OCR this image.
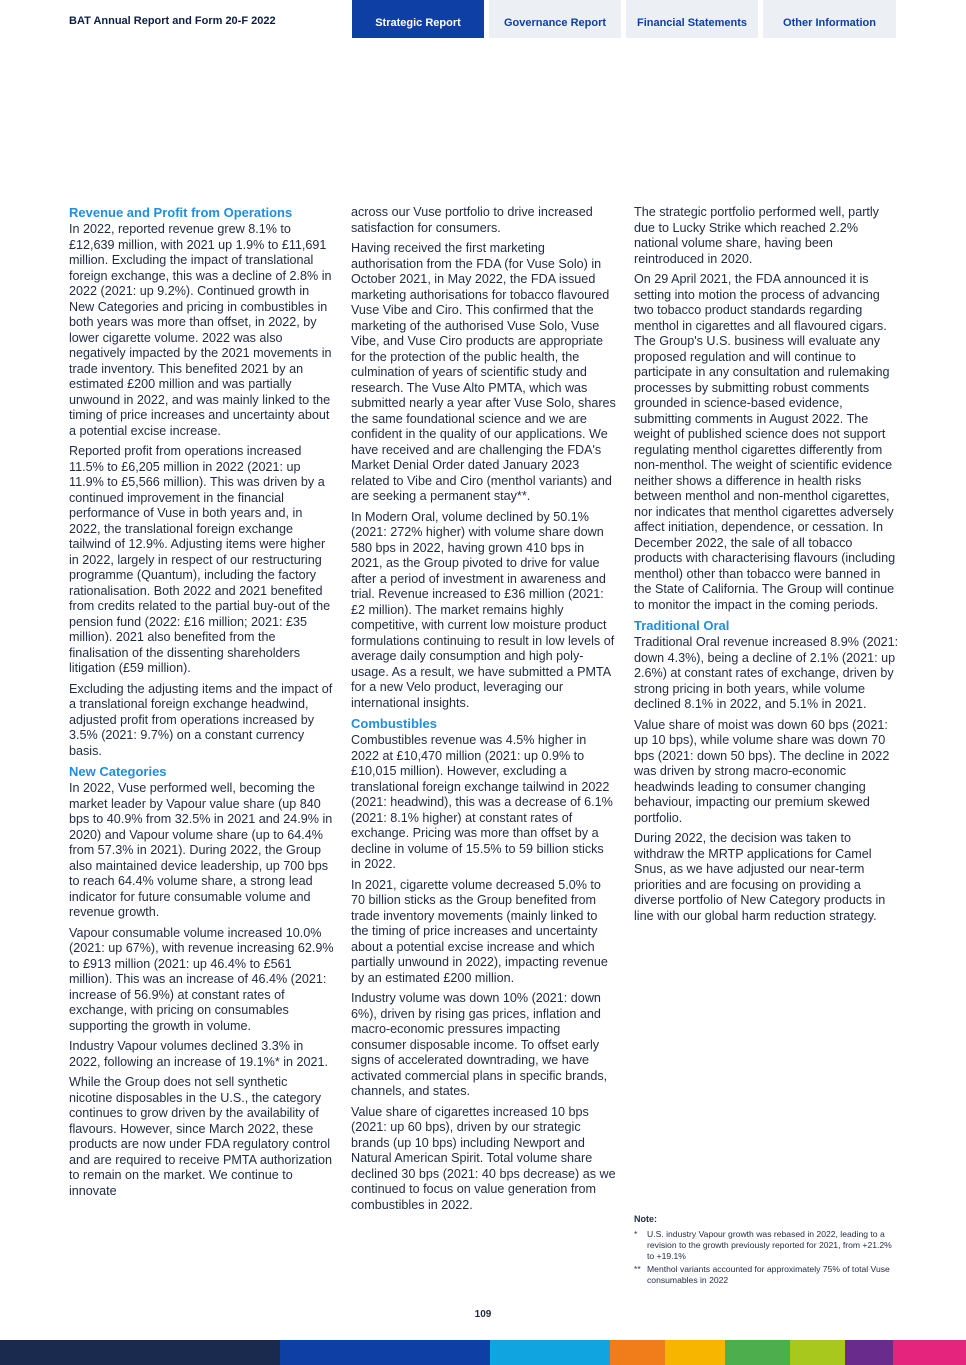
BAT Annual Report and Form 20-F 2022	Strategic Report	Governance Report	Financial Statements	Other Information
Revenue and Profit from Operations

In 2022, reported revenue grew 8.1% to £12,639 million, with 2021 up 1.9% to £11,691 million. Excluding the impact of translational foreign exchange, this was a decline of 2.8% in 2022 (2021: up 9.2%). Continued growth in New Categories and pricing in combustibles in both years was more than offset, in 2022, by lower cigarette volume. 2022 was also negatively impacted by the 2021 movements in trade inventory. This benefited 2021 by an estimated £200 million and was partially unwound in 2022, and was mainly linked to the timing of price increases and uncertainty about a potential excise increase.

Reported profit from operations increased 11.5% to £6,205 million in 2022 (2021: up 11.9% to £5,566 million). This was driven by a continued improvement in the financial performance of Vuse in both years and, in 2022, the translational foreign exchange tailwind of 12.9%. Adjusting items were higher in 2022, largely in respect of our restructuring programme (Quantum), including the factory rationalisation. Both 2022 and 2021 benefited from credits related to the partial buy-out of the pension fund (2022: £16 million; 2021: £35 million). 2021 also benefited from the finalisation of the dissenting shareholders litigation (£59 million).

Excluding the adjusting items and the impact of a translational foreign exchange headwind, adjusted profit from operations increased by 3.5% (2021: 9.7%) on a constant currency basis.

New Categories

In 2022, Vuse performed well, becoming the market leader by Vapour value share (up 840 bps to 40.9% from 32.5% in 2021 and 24.9% in 2020) and Vapour volume share (up to 64.4% from 57.3% in 2021). During 2022, the Group also maintained device leadership, up 700 bps to reach 64.4% volume share, a strong lead indicator for future consumable volume and revenue growth.

Vapour consumable volume increased 10.0% (2021: up 67%), with revenue increasing 62.9% to £913 million (2021: up 46.4% to £561 million). This was an increase of 46.4% (2021: increase of 56.9%) at constant rates of exchange, with pricing on consumables supporting the growth in volume.

Industry Vapour volumes declined 3.3% in 2022, following an increase of 19.1%* in 2021.

While the Group does not sell synthetic nicotine disposables in the U.S., the category continues to grow driven by the availability of flavours. However, since March 2022, these products are now under FDA regulatory control and are required to receive PMTA authorization to remain on the market. We continue to innovate

across our Vuse portfolio to drive increased satisfaction for consumers.

Having received the first marketing authorisation from the FDA (for Vuse Solo) in October 2021, in May 2022, the FDA issued marketing authorisations for tobacco flavoured Vuse Vibe and Ciro. This confirmed that the marketing of the authorised Vuse Solo, Vuse Vibe, and Vuse Ciro products are appropriate for the protection of the public health, the culmination of years of scientific study and research. The Vuse Alto PMTA, which was submitted nearly a year after Vuse Solo, shares the same foundational science and we are confident in the quality of our applications. We have received and are challenging the FDA's Market Denial Order dated January 2023 related to Vibe and Ciro (menthol variants) and are seeking a permanent stay**.

In Modern Oral, volume declined by 50.1% (2021: 272% higher) with volume share down 580 bps in 2022, having grown 410 bps in 2021, as the Group pivoted to drive for value after a period of investment in awareness and trial. Revenue increased to £36 million (2021: £2 million). The market remains highly competitive, with current low moisture product formulations continuing to result in low levels of average daily consumption and high poly-usage. As a result, we have submitted a PMTA for a new Velo product, leveraging our international insights.

Combustibles

Combustibles revenue was 4.5% higher in 2022 at £10,470 million (2021: up 0.9% to £10,015 million). However, excluding a translational foreign exchange tailwind in 2022 (2021: headwind), this was a decrease of 6.1% (2021: 8.1% higher) at constant rates of exchange. Pricing was more than offset by a decline in volume of 15.5% to 59 billion sticks in 2022.

In 2021, cigarette volume decreased 5.0% to 70 billion sticks as the Group benefited from trade inventory movements (mainly linked to the timing of price increases and uncertainty about a potential excise increase and which partially unwound in 2022), impacting revenue by an estimated £200 million.

Industry volume was down 10% (2021: down 6%), driven by rising gas prices, inflation and macro-economic pressures impacting consumer disposable income. To offset early signs of accelerated downtrading, we have activated commercial plans in specific brands, channels, and states.

Value share of cigarettes increased 10 bps (2021: up 60 bps), driven by our strategic brands (up 10 bps) including Newport and Natural American Spirit. Total volume share declined 30 bps (2021: 40 bps decrease) as we continued to focus on value generation from combustibles in 2022.

The strategic portfolio performed well, partly due to Lucky Strike which reached 2.2% national volume share, having been reintroduced in 2020.

On 29 April 2021, the FDA announced it is setting into motion the process of advancing two tobacco product standards regarding menthol in cigarettes and all flavoured cigars. The Group's U.S. business will evaluate any proposed regulation and will continue to participate in any consultation and rulemaking processes by submitting robust comments grounded in science-based evidence, submitting comments in August 2022. The weight of published science does not support regulating menthol cigarettes differently from non-menthol. The weight of scientific evidence neither shows a difference in health risks between menthol and non-menthol cigarettes, nor indicates that menthol cigarettes adversely affect initiation, dependence, or cessation. In December 2022, the sale of all tobacco products with characterising flavours (including menthol) other than tobacco were banned in the State of California. The Group will continue to monitor the impact in the coming periods.

Traditional Oral

Traditional Oral revenue increased 8.9% (2021: down 4.3%), being a decline of 2.1% (2021: up 2.6%) at constant rates of exchange, driven by strong pricing in both years, while volume declined 8.1% in 2022, and 5.1% in 2021.

Value share of moist was down 60 bps (2021: up 10 bps), while volume share was down 70 bps (2021: down 50 bps). The decline in 2022 was driven by strong macro-economic headwinds leading to consumer changing behaviour, impacting our premium skewed portfolio.

During 2022, the decision was taken to withdraw the MRTP applications for Camel Snus, as we have adjusted our near-term priorities and are focusing on providing a diverse portfolio of New Category products in line with our global harm reduction strategy.

Note:
* U.S. industry Vapour growth was rebased in 2022, leading to a revision to the growth previously reported for 2021, from +21.2% to +19.1%
** Menthol variants accounted for approximately 75% of total Vuse consumables in 2022
109
